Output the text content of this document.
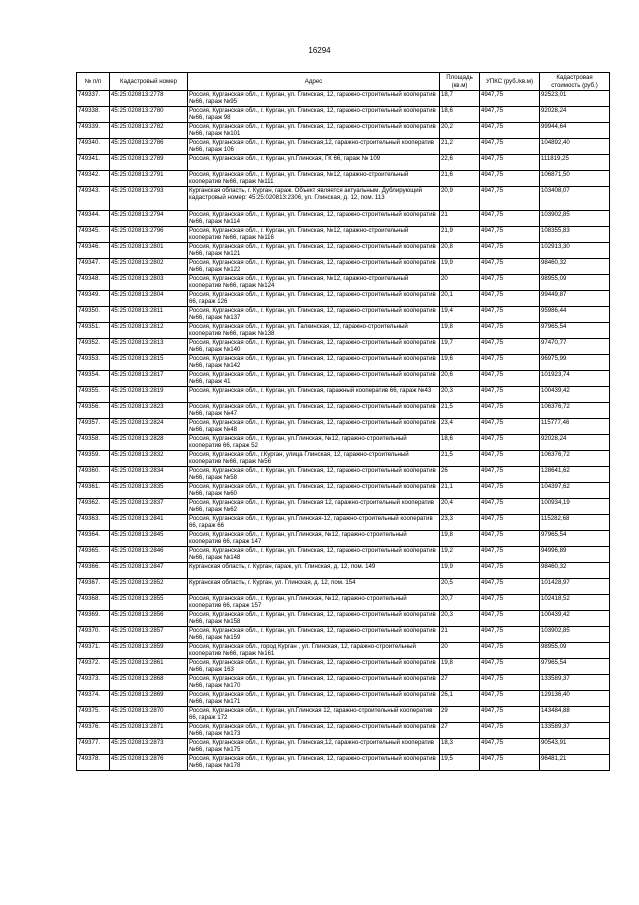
16294
№ п/п	Кадастровый номер	Адрес	Площадь (кв.м)	УПКС (руб./кв.м)	Кадастровая стоимость (руб.)
749337.	45:25:020813:2778	Россия, Курганская обл., г. Курган, ул. Глинская, 12, гаражно-строительный кооператив №66, гараж №95	18,7	4947,75	92523,01
749338.	45:25:020813:2780	Россия, Курганская обл., г. Курган, ул. Глинская, 12, гаражно-строительный кооператив №66, гараж 98	18,6	4947,75	92028,24
749339.	45:25:020813:2782	Россия, Курганская обл., г. Курган, ул. Глинская, 12, гаражно-строительный кооператив №66, гараж №101	20,2	4947,75	99944,64
749340.	45:25:020813:2786	Россия, Курганская обл., г. Курган, ул. Глинская,12, гаражно-строительный кооператив №66, гараж 106	21,2	4947,75	104892,40
749341.	45:25:020813:2789	Россия, Курганская обл., г. Курган, ул.Глинская, ГК 66, гараж № 109	22,6	4947,75	111819,25
749342.	45:25:020813:2791	Россия, Курганская обл., г. Курган, ул. Глинская, №12, гаражно-строительный кооператив №66, гараж №111	21,6	4947,75	106871,50
749343.	45:25:020813:2793	Курганская область, г. Курган, гараж. Объект является актуальным. Дублирующий кадастровый номер: 45:25:020813:2306, ул. Глинская, д. 12, пом. 113	20,9	4947,75	103408,07
749344.	45:25:020813:2794	Россия, Курганская обл., г. Курган, ул. Глинская, 12, гаражно-строительный кооператив №66, гараж №114	21	4947,75	103902,85
749345.	45:25:020813:2796	Россия, Курганская обл., г. Курган, ул. Глинская, №12, гаражно-строительный кооператив №66, гараж №116	21,9	4947,75	108355,83
749346.	45:25:020813:2801	Россия, Курганская обл., г. Курган, ул. Глинская, 12, гаражно-строительный кооператив №66, гараж №121	20,8	4947,75	102913,30
749347.	45:25:020813:2802	Россия, Курганская обл., г. Курган, ул. Глинская, 12, гаражно-строительный кооператив №66, гараж №122	19,9	4947,75	98460,32
749348.	45:25:020813:2803	Россия, Курганская обл., г. Курган, ул. Глинская, №12, гаражно-строительный кооператив №66, гараж №124	20	4947,75	98955,09
749349.	45:25:020813:2804	Россия, Курганская обл., г. Курган, ул. Глинская, 12, гаражно-строительный кооператив 66, гараж 126	20,1	4947,75	99449,87
749350.	45:25:020813:2811	Россия, Курганская обл., г. Курган, ул. Глинская, 12, гаражно-строительный кооператив №66, гараж №137	19,4	4947,75	95986,44
749351.	45:25:020813:2812	Россия, Курганская обл., г. Курган, ул. Галкинская, 12, гаражно-строительный кооператив №66, гараж №138	19,8	4947,75	97965,54
749352.	45:25:020813:2813	Россия, Курганская обл., г. Курган, ул. Глинская, 12, гаражно-строительный кооператив №66, гараж №140	19,7	4947,75	97470,77
749353.	45:25:020813:2815	Россия, Курганская обл., г. Курган, ул. Глинская, 12, гаражно-строительный кооператив №66, гараж №142	19,6	4947,75	96975,99
749354.	45:25:020813:2817	Россия, Курганская обл., г. Курган, ул. Глинская, 12, гаражно-строительный кооператив №66, гараж 41	20,6	4947,75	101923,74
749355.	45:25:020813:2819	Россия, Курганская обл., г. Курган, ул. Глинская, гаражный кооператив 66, гараж №43	20,3	4947,75	100439,42
749356.	45:25:020813:2823	Россия, Курганская обл., г. Курган, ул. Глинская, 12, гаражно-строительный кооператив №66, гараж №47	21,5	4947,75	106376,72
749357.	45:25:020813:2824	Россия, Курганская обл., г. Курган, ул. Глинская, 12, гаражно-строительный кооператив №66, гараж №48	23,4	4947,75	115777,46
749358.	45:25:020813:2828	Россия, Курганская обл., г. Курган, ул.Глинская, №12, гаражно-строительный кооператив 66, гараж 52	18,6	4947,75	92028,24
749359.	45:25:020813:2832	Россия, Курганская обл., г.Курган, улица Глинская, 12, гаражно-строительный кооператив №66, гараж №56	21,5	4947,75	106376,72
749360.	45:25:020813:2834	Россия, Курганская обл., г. Курган, ул. Глинская, 12, гаражно-строительный кооператив №66, гараж №58	26	4947,75	128641,62
749361.	45:25:020813:2835	Россия, Курганская обл., г. Курган, ул. Глинская, 12, гаражно-строительный кооператив №66, гараж №60	21,1	4947,75	104397,62
749362.	45:25:020813:2837	Россия, Курганская обл., г. Курган, ул. Глинская 12, гаражно-строительный кооператив №66, гараж №62	20,4	4947,75	100934,19
749363.	45:25:020813:2841	Россия, Курганская обл., г. Курган, ул.Глинская-12, гаражно-строительный кооператив 66, гараж 66	23,3	4947,75	115282,68
749364.	45:25:020813:2845	Россия, Курганская обл., г. Курган, ул.Глинская, №12, гаражно-строительный кооператив 66, гараж 147	19,8	4947,75	97965,54
749365.	45:25:020813:2846	Россия, Курганская обл., г. Курган, ул. Глинская, 12, гаражно-строительный кооператив №66, гараж №148	19,2	4947,75	94996,89
749366.	45:25:020813:2847	Курганская область, г. Курган, гараж, ул. Глинская, д. 12, пом. 149	19,9	4947,75	98460,32
749367.	45:25:020813:2852	Курганская область, г. Курган, ул. Глинская, д. 12, пом. 154	20,5	4947,75	101428,97
749368.	45:25:020813:2855	Россия, Курганская обл., г. Курган, ул.Глинская, №12, гаражно-строительный кооператив 66, гараж 157	20,7	4947,75	102418,52
749369.	45:25:020813:2856	Россия, Курганская обл., г. Курган, ул. Глинская, 12, гаражно-строительный кооператив №66, гараж №158	20,3	4947,75	100439,42
749370.	45:25:020813:2857	Россия, Курганская обл., г. Курган, ул. Глинская, 12, гаражно-строительный кооператив №66, гараж №159	21	4947,75	103902,85
749371.	45:25:020813:2859	Россия, Курганская обл., город Курган , ул. Глинская, 12, гаражно-строительный кооператив №66, гараж №161	20	4947,75	98955,09
749372.	45:25:020813:2861	Россия, Курганская обл., г. Курган, ул. Глинская, 12, гаражно-строительный кооператив №66, гараж 163	19,8	4947,75	97965,54
749373.	45:25:020813:2868	Россия, Курганская обл., г. Курган, ул. Глинская, 12, гаражно-строительный кооператив №66, гараж №170	27	4947,75	133589,37
749374.	45:25:020813:2869	Россия, Курганская обл., г. Курган, ул. Глинская, 12, гаражно-строительный кооператив №66, гараж №171	26,1	4947,75	129136,40
749375.	45:25:020813:2870	Россия, Курганская обл., г. Курган, ул.Глинская 12, гаражно-строительный кооператив 66, гараж 172	29	4947,75	143484,88
749376.	45:25:020813:2871	Россия, Курганская обл., г. Курган, ул. Глинская, 12, гаражно-строительный кооператив №66, гараж №173	27	4947,75	133589,37
749377.	45:25:020813:2873	Россия, Курганская обл., г. Курган, ул. Глинская,12, гаражно-строительный кооператив №66, гараж №175	18,3	4947,75	90543,91
749378.	45:25:020813:2876	Россия, Курганская обл., г. Курган, ул. Глинская, 12, гаражно-строительный кооператив №66, гараж №178	19,5	4947,75	96481,21
